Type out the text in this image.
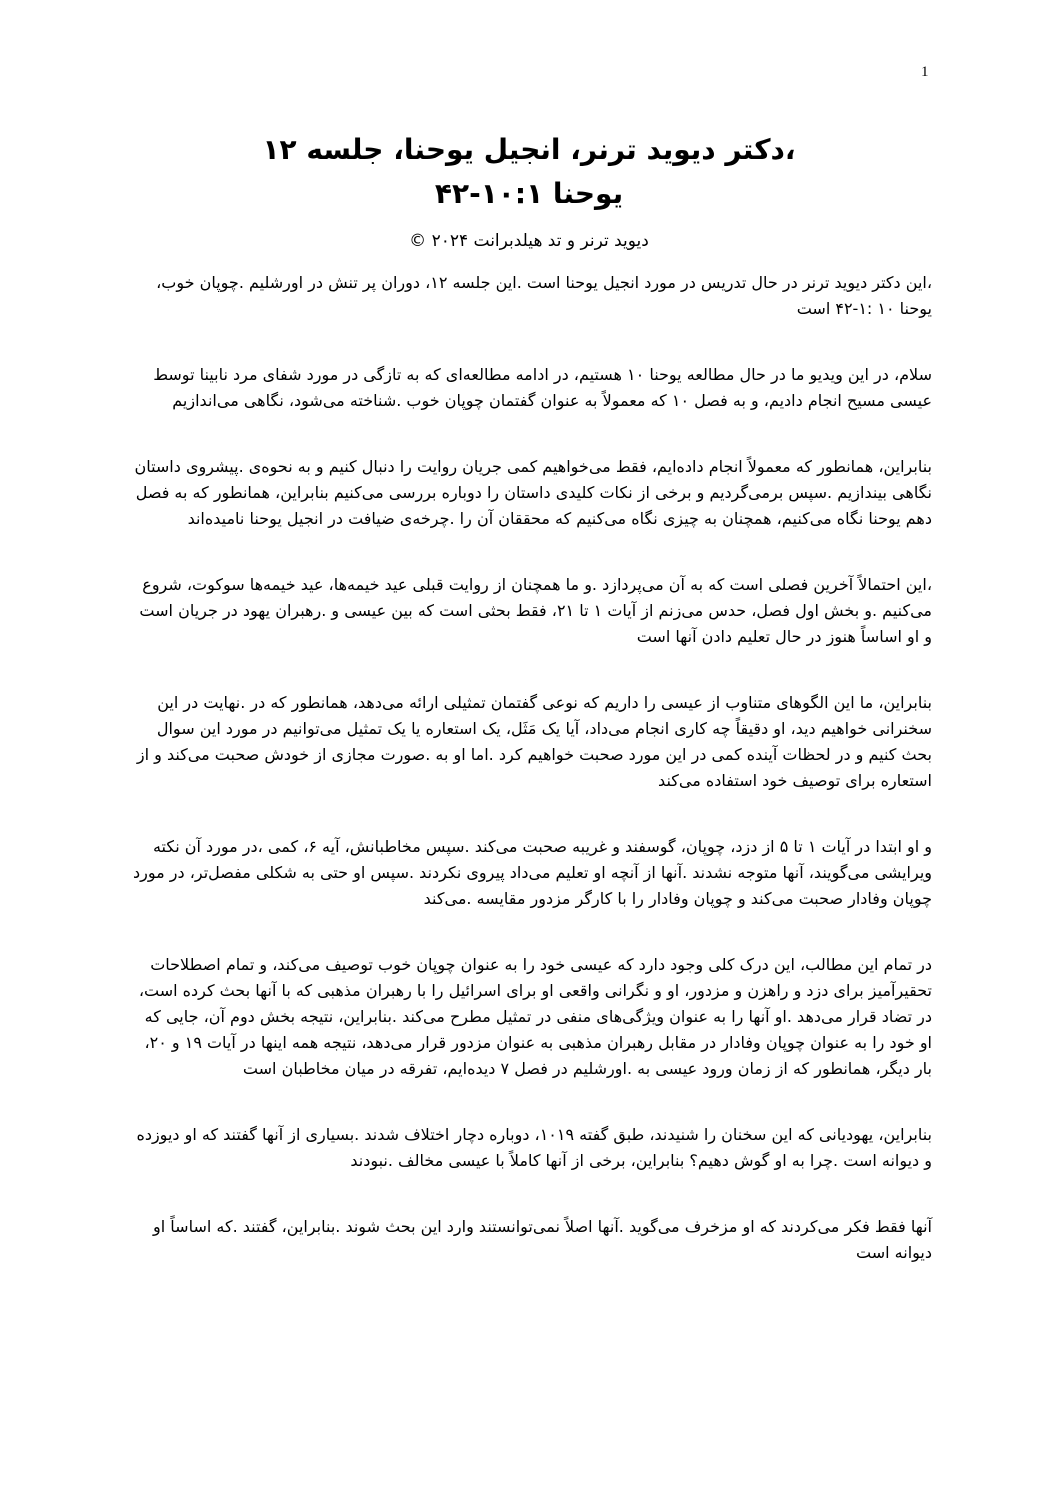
1

،دکتر دیوید ترنر، انجیل یوحنا، جلسه ۱۲

یوحنا ۱۰:۱-۴۲

دیوید ترنر و تد هیلدبرانت ۲۰۲۴ ©

،این دکتر دیوید ترنر در حال تدریس در مورد انجیل یوحنا است .این جلسه ۱۲، دوران پر تنش در اورشلیم .چوپان خوب، یوحنا ۱۰ :۱-۴۲ است

سلام، در این ویدیو ما در حال مطالعه یوحنا ۱۰ هستیم، در ادامه مطالعه‌ای که به تازگی در مورد شفای مرد نابینا توسط عیسی مسیح انجام دادیم، و به فصل ۱۰ که معمولاً به عنوان گفتمان چوپان خوب .شناخته می‌شود، نگاهی می‌اندازیم

بنابراین، همانطور که معمولاً انجام داده‌ایم، فقط می‌خواهیم کمی جریان روایت را دنبال کنیم و به نحوه‌ی .پیشروی داستان نگاهی بیندازیم .سپس برمی‌گردیم و برخی از نکات کلیدی داستان را دوباره بررسی می‌کنیم بنابراین، همانطور که به فصل دهم یوحنا نگاه می‌کنیم، همچنان به چیزی نگاه می‌کنیم که محققان آن را .چرخه‌ی ضیافت در انجیل یوحنا نامیده‌اند

،این احتمالاً آخرین فصلی است که به آن می‌پردازد .و ما همچنان از روایت قبلی عید خیمه‌ها، عید خیمه‌ها سوکوت، شروع می‌کنیم .و بخش اول فصل، حدس می‌زنم از آیات ۱ تا ۲۱، فقط بحثی است که بین عیسی و .رهبران یهود در جریان است و او اساساً هنوز در حال تعلیم دادن آنها است

بنابراین، ما این الگوهای متناوب از عیسی را داریم که نوعی گفتمان تمثیلی ارائه می‌دهد، همانطور که در .نهایت در این سخنرانی خواهیم دید، او دقیقاً چه کاری انجام می‌داد، آیا یک مَثَل، یک استعاره یا یک تمثیل می‌توانیم در مورد این سوال بحث کنیم و در لحظات آینده کمی در این مورد صحبت خواهیم کرد .اما او به .صورت مجازی از خودش صحبت می‌کند و از استعاره برای توصیف خود استفاده می‌کند

و او ابتدا در آیات ۱ تا ۵ از دزد، چوپان، گوسفند و غریبه صحبت می‌کند .سپس مخاطبانش، آیه ۶، کمی ،در مورد آن نکته ویرایشی می‌گویند، آنها متوجه نشدند .آنها از آنچه او تعلیم می‌داد پیروی نکردند .سپس او حتی به شکلی مفصل‌تر، در مورد چوپان وفادار صحبت می‌کند و چوپان وفادار را با کارگر مزدور مقایسه .می‌کند

در تمام این مطالب، این درک کلی وجود دارد که عیسی خود را به عنوان چوپان خوب توصیف می‌کند، و تمام اصطلاحات تحقیرآمیز برای دزد و راهزن و مزدور، او و نگرانی واقعی او برای اسرائیل را با رهبران مذهبی که با آنها بحث کرده است، در تضاد قرار می‌دهد .او آنها را به عنوان ویژگی‌های منفی در تمثیل مطرح می‌کند .بنابراین، نتیجه بخش دوم آن، جایی که او خود را به عنوان چوپان وفادار در مقابل رهبران مذهبی به عنوان مزدور قرار می‌دهد، نتیجه همه اینها در آیات ۱۹ و ۲۰، بار دیگر، همانطور که از زمان ورود عیسی به .اورشلیم در فصل ۷ دیده‌ایم، تفرقه در میان مخاطبان است

بنابراین، یهودیانی که این سخنان را شنیدند، طبق گفته ۱۰۱۹، دوباره دچار اختلاف شدند .بسیاری از آنها گفتند که او دیوزده و دیوانه است .چرا به او گوش دهیم؟ بنابراین، برخی از آنها کاملاً با عیسی مخالف .نبودند

آنها فقط فکر می‌کردند که او مزخرف می‌گوید .آنها اصلاً نمی‌توانستند وارد این بحث شوند .بنابراین، گفتند .که اساساً او دیوانه است
